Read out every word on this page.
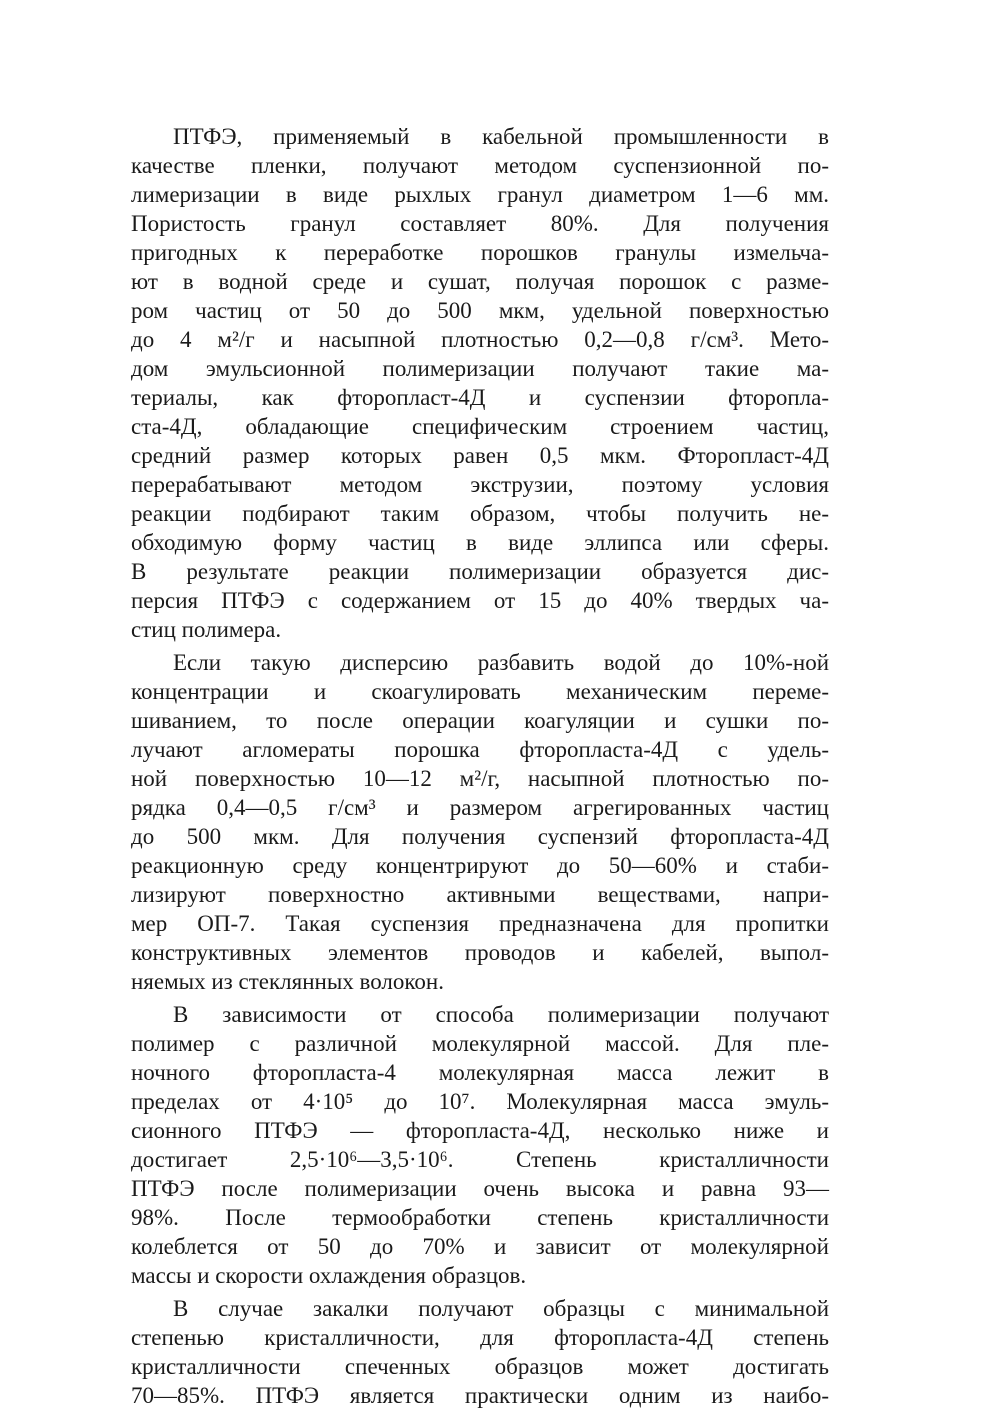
ПТФЭ, применяемый в кабельной промышленности в
качестве пленки, получают методом суспензионной по-
лимеризации в виде рыхлых гранул диаметром 1—6 мм.
Пористость гранул составляет 80%. Для получения
пригодных к переработке порошков гранулы измельча-
ют в водной среде и сушат, получая порошок с разме-
ром частиц от 50 до 500 мкм, удельной поверхностью
до 4 м²/г и насыпной плотностью 0,2—0,8 г/см³. Мето-
дом эмульсионной полимеризации получают такие ма-
териалы, как фторопласт-4Д и суспензии фторопла-
ста-4Д, обладающие специфическим строением частиц,
средний размер которых равен 0,5 мкм. Фторопласт-4Д
перерабатывают методом экструзии, поэтому условия
реакции подбирают таким образом, чтобы получить не-
обходимую форму частиц в виде эллипса или сферы.
В результате реакции полимеризации образуется дис-
персия ПТФЭ с содержанием от 15 до 40% твердых ча-
стиц полимера.
Если такую дисперсию разбавить водой до 10%-ной
концентрации и скоагулировать механическим переме-
шиванием, то после операции коагуляции и сушки по-
лучают агломераты порошка фторопласта-4Д с удель-
ной поверхностью 10—12 м²/г, насыпной плотностью по-
рядка 0,4—0,5 г/см³ и размером агрегированных частиц
до 500 мкм. Для получения суспензий фторопласта-4Д
реакционную среду концентрируют до 50—60% и стаби-
лизируют поверхностно активными веществами, напри-
мер ОП-7. Такая суспензия предназначена для пропитки
конструктивных элементов проводов и кабелей, выпол-
няемых из стеклянных волокон.
В зависимости от способа полимеризации получают
полимер с различной молекулярной массой. Для пле-
ночного фторопласта-4 молекулярная масса лежит в
пределах от 4·10⁵ до 10⁷. Молекулярная масса эмуль-
сионного ПТФЭ — фторопласта-4Д, несколько ниже и
достигает 2,5·10⁶—3,5·10⁶. Степень кристалличности
ПТФЭ после полимеризации очень высока и равна 93—
98%. После термообработки степень кристалличности
колеблется от 50 до 70% и зависит от молекулярной
массы и скорости охлаждения образцов.
В случае закалки получают образцы с минимальной
степенью кристалличности, для фторопласта-4Д степень
кристалличности спеченных образцов может достигать
70—85%. ПТФЭ является практически одним из наибо-
